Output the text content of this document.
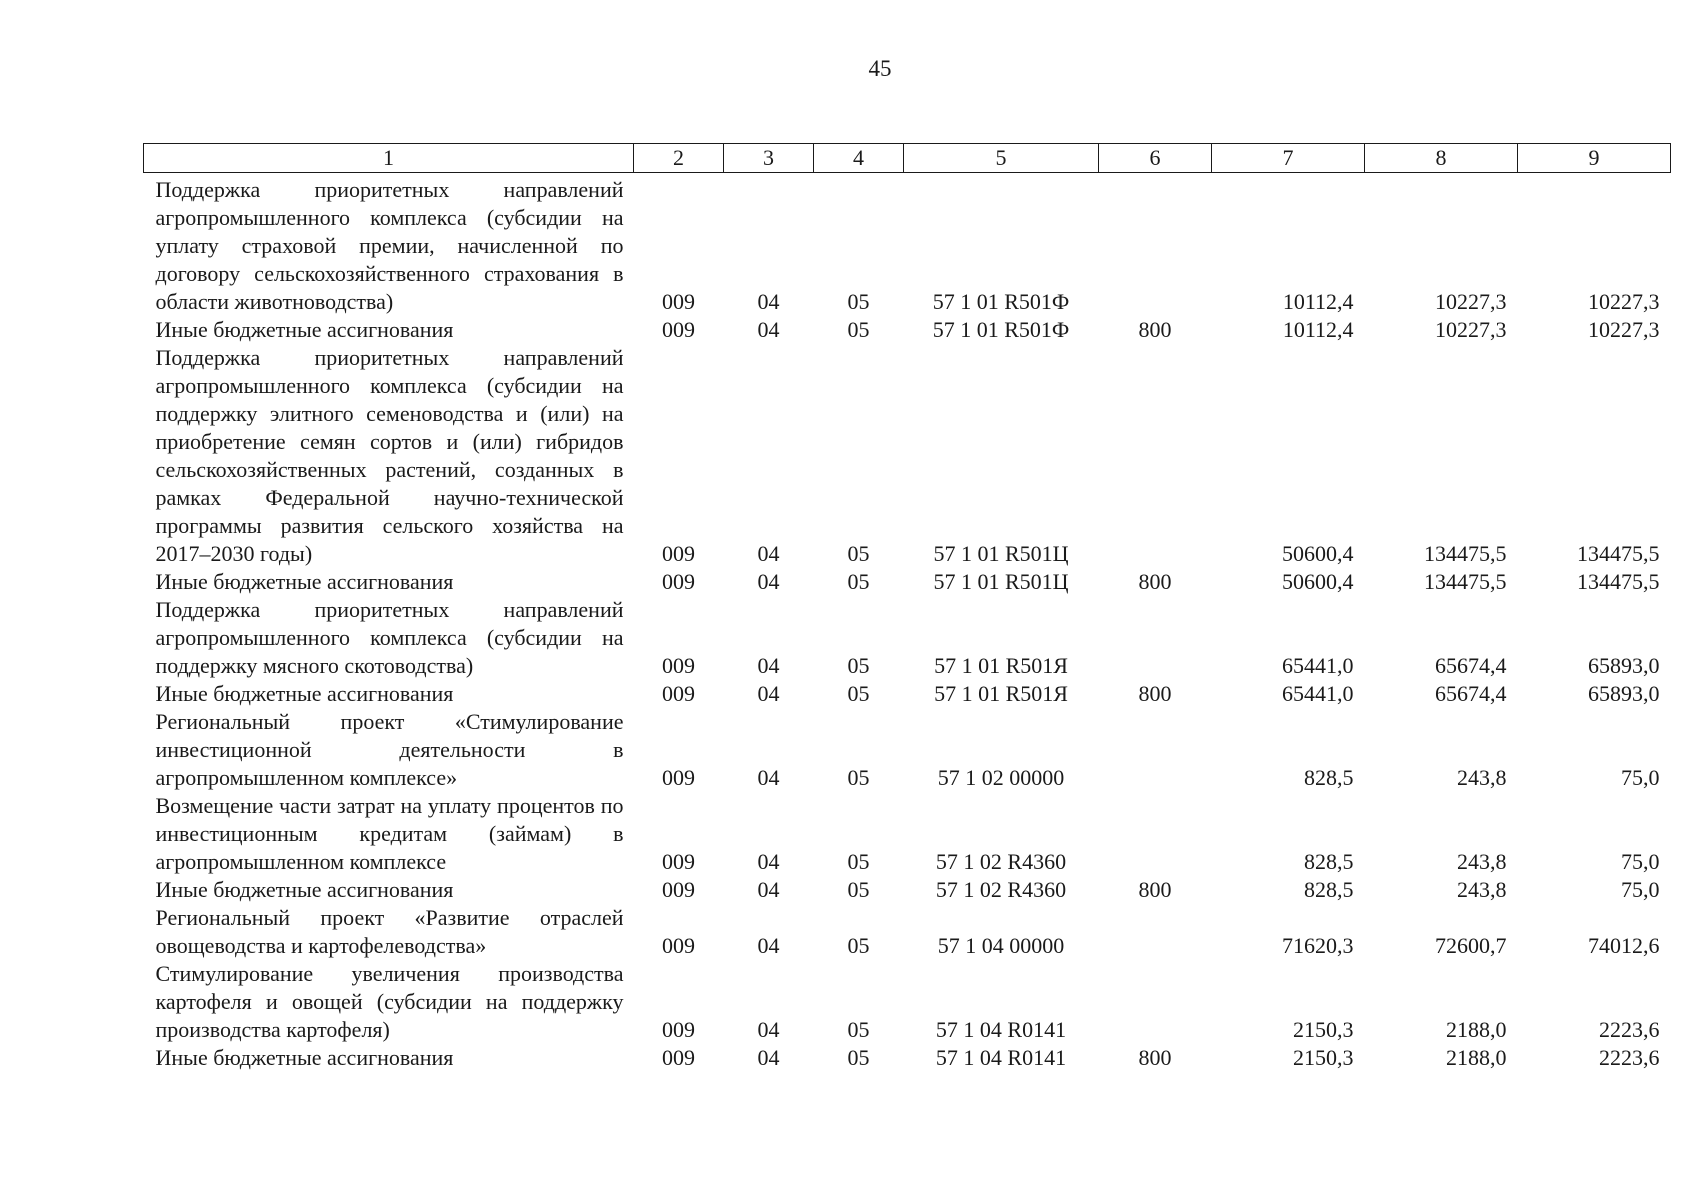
45
1	2	3	4	5	6	7	8	9
Поддержка приоритетных направлений агропромышленного комплекса (субсидии на уплату страховой премии, начисленной по договору сельскохозяйственного страхования в области животноводства)	009	04	05	57 1 01 R501Ф		10112,4	10227,3	10227,3
Иные бюджетные ассигнования	009	04	05	57 1 01 R501Ф	800	10112,4	10227,3	10227,3
Поддержка приоритетных направлений агропромышленного комплекса (субсидии на поддержку элитного семеноводства и (или) на приобретение семян сортов и (или) гибридов сельскохозяйственных растений, созданных в рамках Федеральной научно-технической программы развития сельского хозяйства на 2017–2030 годы)	009	04	05	57 1 01 R501Ц		50600,4	134475,5	134475,5
Иные бюджетные ассигнования	009	04	05	57 1 01 R501Ц	800	50600,4	134475,5	134475,5
Поддержка приоритетных направлений агропромышленного комплекса (субсидии на поддержку мясного скотоводства)	009	04	05	57 1 01 R501Я		65441,0	65674,4	65893,0
Иные бюджетные ассигнования	009	04	05	57 1 01 R501Я	800	65441,0	65674,4	65893,0
Региональный проект «Стимулирование инвестиционной деятельности в агропромышленном комплексе»	009	04	05	57 1 02 00000		828,5	243,8	75,0
Возмещение части затрат на уплату процентов по инвестиционным кредитам (займам) в агропромышленном комплексе	009	04	05	57 1 02 R4360		828,5	243,8	75,0
Иные бюджетные ассигнования	009	04	05	57 1 02 R4360	800	828,5	243,8	75,0
Региональный проект «Развитие отраслей овощеводства и картофелеводства»	009	04	05	57 1 04 00000		71620,3	72600,7	74012,6
Стимулирование увеличения производства картофеля и овощей (субсидии на поддержку производства картофеля)	009	04	05	57 1 04 R0141		2150,3	2188,0	2223,6
Иные бюджетные ассигнования	009	04	05	57 1 04 R0141	800	2150,3	2188,0	2223,6
